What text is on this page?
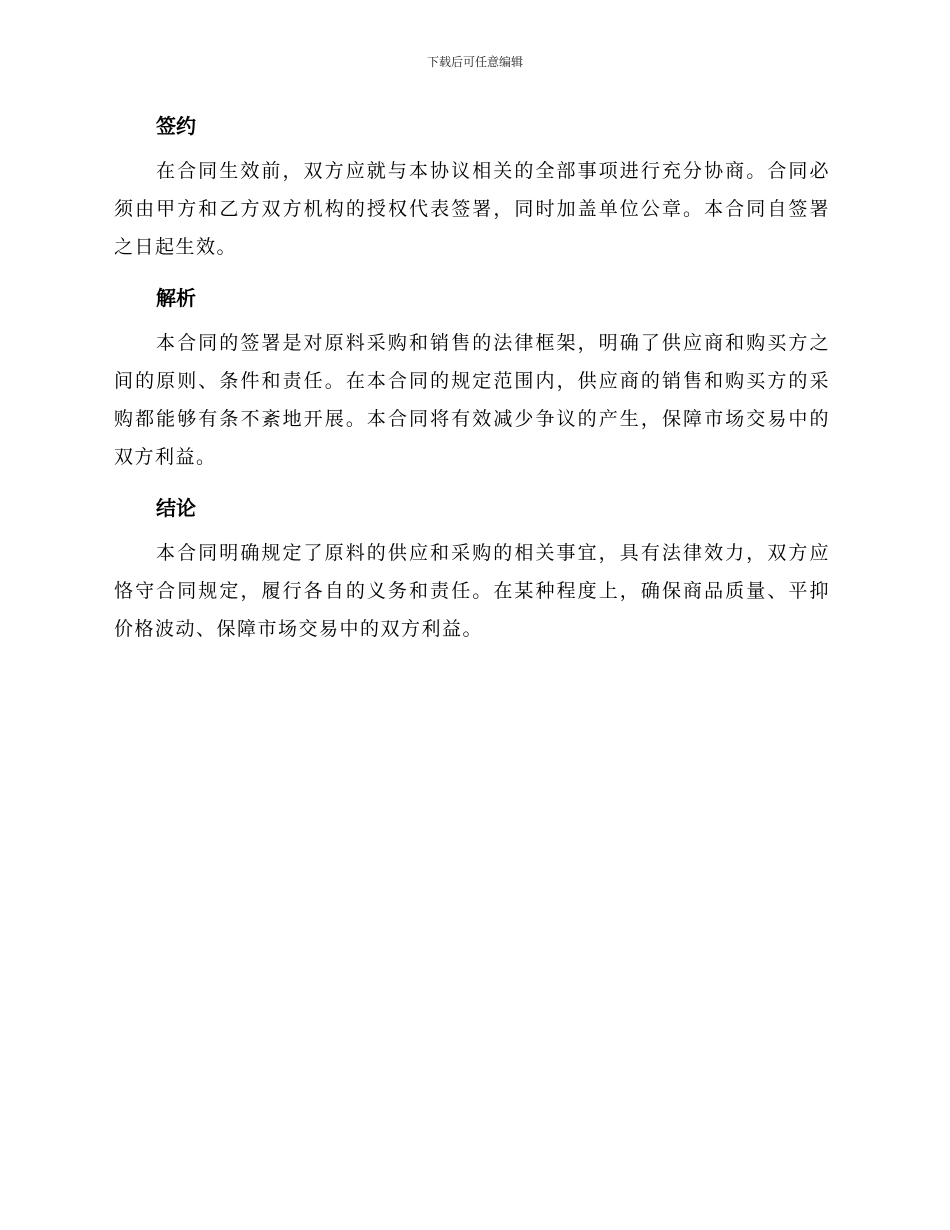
下载后可任意编辑
签约

在合同生效前，双方应就与本协议相关的全部事项进行充分协商。合同必须由甲方和乙方双方机构的授权代表签署，同时加盖单位公章。本合同自签署之日起生效。

解析

本合同的签署是对原料采购和销售的法律框架，明确了供应商和购买方之间的原则、条件和责任。在本合同的规定范围内，供应商的销售和购买方的采购都能够有条不紊地开展。本合同将有效减少争议的产生，保障市场交易中的双方利益。

结论

本合同明确规定了原料的供应和采购的相关事宜，具有法律效力，双方应恪守合同规定，履行各自的义务和责任。在某种程度上，确保商品质量、平抑价格波动、保障市场交易中的双方利益。
